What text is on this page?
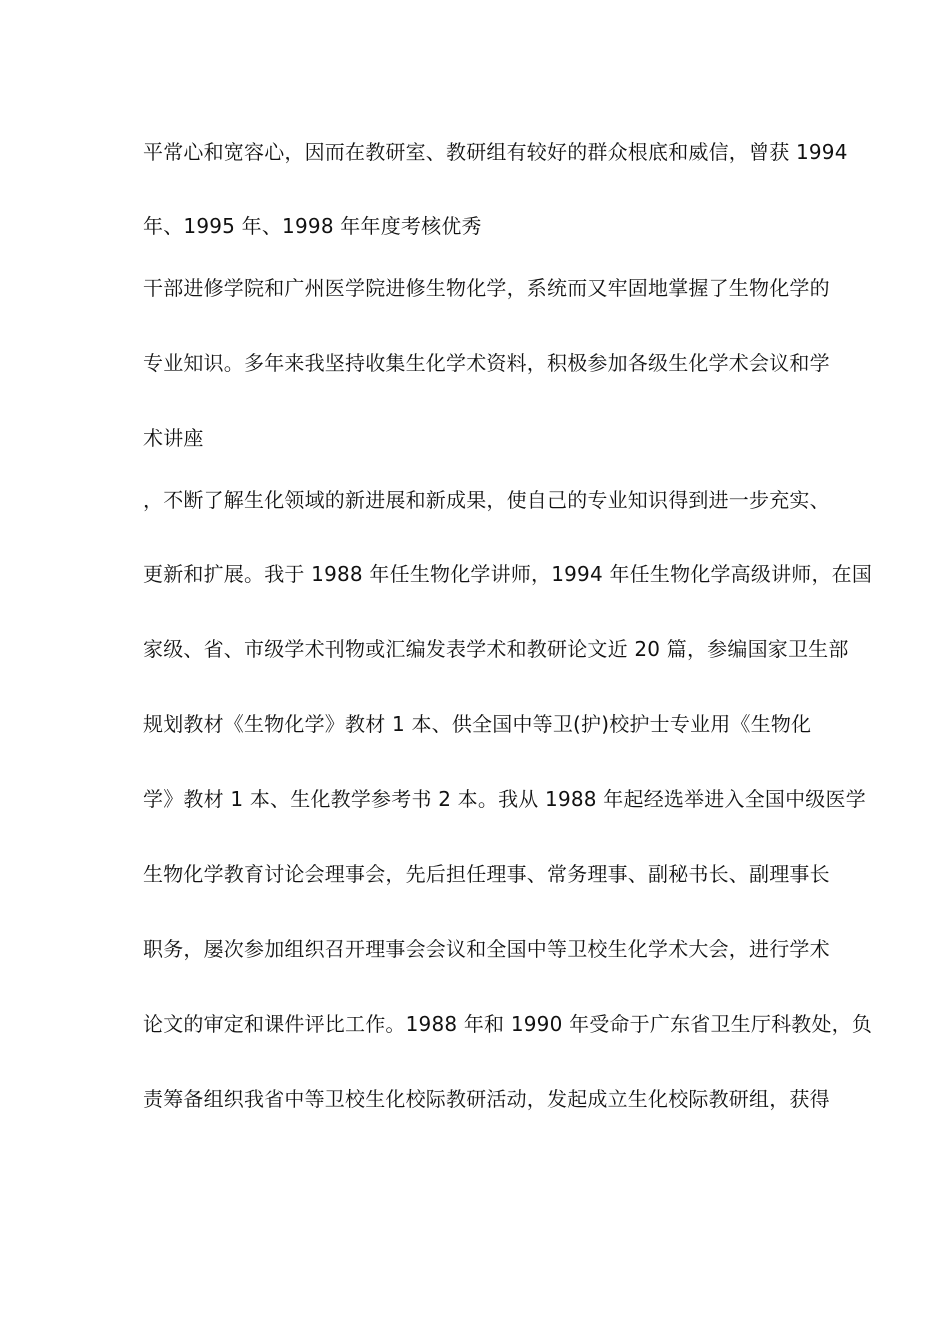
平常心和宽容心，因而在教研室、教研组有较好的群众根底和威信，曾获 1994
年、1995 年、1998 年年度考核优秀
干部进修学院和广州医学院进修生物化学，系统而又牢固地掌握了生物化学的
专业知识。多年来我坚持收集生化学术资料，积极参加各级生化学术会议和学
术讲座
，不断了解生化领域的新进展和新成果，使自己的专业知识得到进一步充实、
更新和扩展。我于 1988 年任生物化学讲师，1994 年任生物化学高级讲师，在国
家级、省、市级学术刊物或汇编发表学术和教研论文近 20 篇，参编国家卫生部
规划教材《生物化学》教材 1 本、供全国中等卫(护)校护士专业用《生物化
学》教材 1 本、生化教学参考书 2 本。我从 1988 年起经选举进入全国中级医学
生物化学教育讨论会理事会，先后担任理事、常务理事、副秘书长、副理事长
职务，屡次参加组织召开理事会会议和全国中等卫校生化学术大会，进行学术
论文的审定和课件评比工作。1988 年和 1990 年受命于广东省卫生厅科教处，负
责筹备组织我省中等卫校生化校际教研活动，发起成立生化校际教研组，获得
